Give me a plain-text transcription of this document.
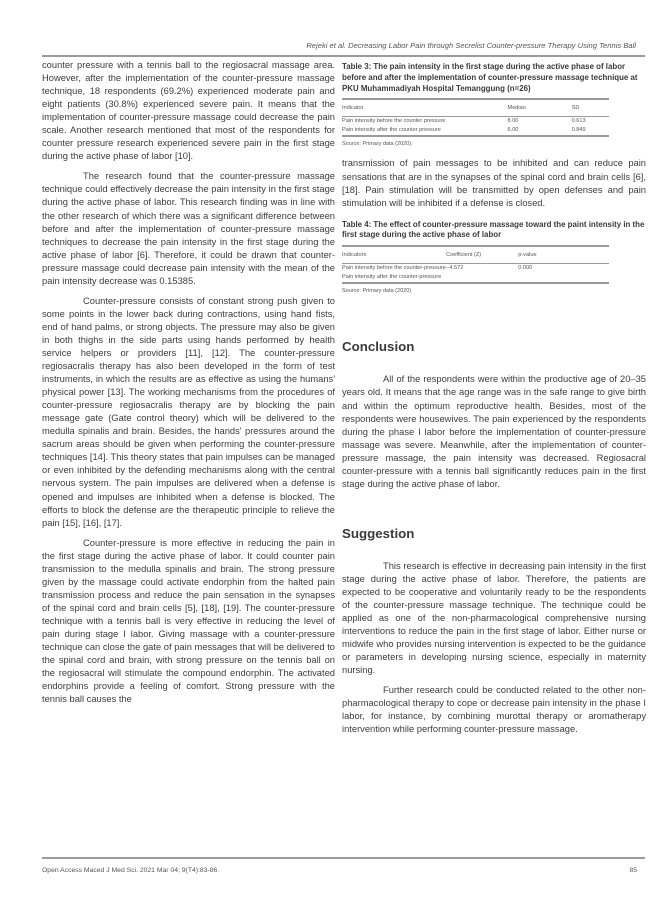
Rejeki et al. Decreasing Labor Pain through Secrelist Counter-pressure Therapy Using Tennis Ball

counter pressure with a tennis ball to the regiosacral massage area. However, after the implementation of the counter-pressure massage technique, 18 respondents (69.2%) experienced moderate pain and eight patients (30.8%) experienced severe pain. It means that the implementation of counter-pressure massage could decrease the pain scale. Another research mentioned that most of the respondents for counter pressure research experienced severe pain in the first stage during the active phase of labor [10].

The research found that the counter-pressure massage technique could effectively decrease the pain intensity in the first stage during the active phase of labor. This research finding was in line with the other research of which there was a significant difference between before and after the implementation of counter-pressure massage techniques to decrease the pain intensity in the first stage during the active phase of labor [6]. Therefore, it could be drawn that counter-pressure massage could decrease pain intensity with the mean of the pain intensity decrease was 0.15385.

Counter-pressure consists of constant strong push given to some points in the lower back during contractions, using hand fists, end of hand palms, or strong objects. The pressure may also be given in both thighs in the side parts using hands performed by health service helpers or providers [11], [12]. The counter-pressure regiosacralis therapy has also been developed in the form of test instruments, in which the results are as effective as using the humans' physical power [13]. The working mechanisms from the procedures of counter-pressure regiosacralis therapy are by blocking the pain message gate (Gate control theory) which will be delivered to the medulla spinalis and brain. Besides, the hands' pressures around the sacrum areas should be given when performing the counter-pressure techniques [14]. This theory states that pain impulses can be managed or even inhibited by the defending mechanisms along with the central nervous system. The pain impulses are delivered when a defense is opened and impulses are inhibited when a defense is blocked. The efforts to block the defense are the therapeutic principle to relieve the pain [15], [16], [17].

Counter-pressure is more effective in reducing the pain in the first stage during the active phase of labor. It could counter pain transmission to the medulla spinalis and brain. The strong pressure given by the massage could activate endorphin from the halted pain transmission process and reduce the pain sensation in the synapses of the spinal cord and brain cells [5], [18], [19]. The counter-pressure technique with a tennis ball is very effective in reducing the level of pain during stage I labor. Giving massage with a counter-pressure technique can close the gate of pain messages that will be delivered to the spinal cord and brain, with strong pressure on the tennis ball on the regiosacral will stimulate the compound endorphin. The activated endorphins provide a feeling of comfort. Strong pressure with the tennis ball causes the

Table 3: The pain intensity in the first stage during the active phase of labor before and after the implementation of counter-pressure massage technique at PKU Muhammadiyah Hospital Temanggung (n=26)
Indicator	Median	SD
Pain intensity before the counter pressure	8.00	0.613
Pain intensity after the counter pressure	6.00	0.849
Source: Primary data (2020).

transmission of pain messages to be inhibited and can reduce pain sensations that are in the synapses of the spinal cord and brain cells [6], [18]. Pain stimulation will be transmitted by open defenses and pain stimulation will be inhibited if a defense is closed.

Table 4: The effect of counter-pressure massage toward the paint intensity in the first stage during the active phase of labor
Indicators	Coefficient (Z)	p-value
Pain intensity before the counter-pressure	−4.572	0.000
Pain intensity after the counter-pressure		
Source: Primary data (2020)
Conclusion

All of the respondents were within the productive age of 20–35 years old. It means that the age range was in the safe range to give birth and within the optimum reproductive health. Besides, most of the respondents were housewives. The pain experienced by the respondents during the phase I labor before the implementation of counter-pressure massage was severe. Meanwhile, after the implementation of counter-pressure massage, the pain intensity was decreased. Regiosacral counter-pressure with a tennis ball significantly reduces pain in the first stage during the active phase of labor.

Suggestion

This research is effective in decreasing pain intensity in the first stage during the active phase of labor. Therefore, the patients are expected to be cooperative and voluntarily ready to be the respondents of the counter-pressure massage technique. The technique could be applied as one of the non-pharmacological comprehensive nursing interventions to reduce the pain in the first stage of labor. Either nurse or midwife who provides nursing intervention is expected to be the guidance or parameters in developing nursing science, especially in maternity nursing.

Further research could be conducted related to the other non-pharmacological therapy to cope or decrease pain intensity in the phase I labor, for instance, by combining murottal therapy or aromatherapy intervention while performing counter-pressure massage.

Open Access Maced J Med Sci. 2021 Mar 04; 9(T4):83-86.	85
